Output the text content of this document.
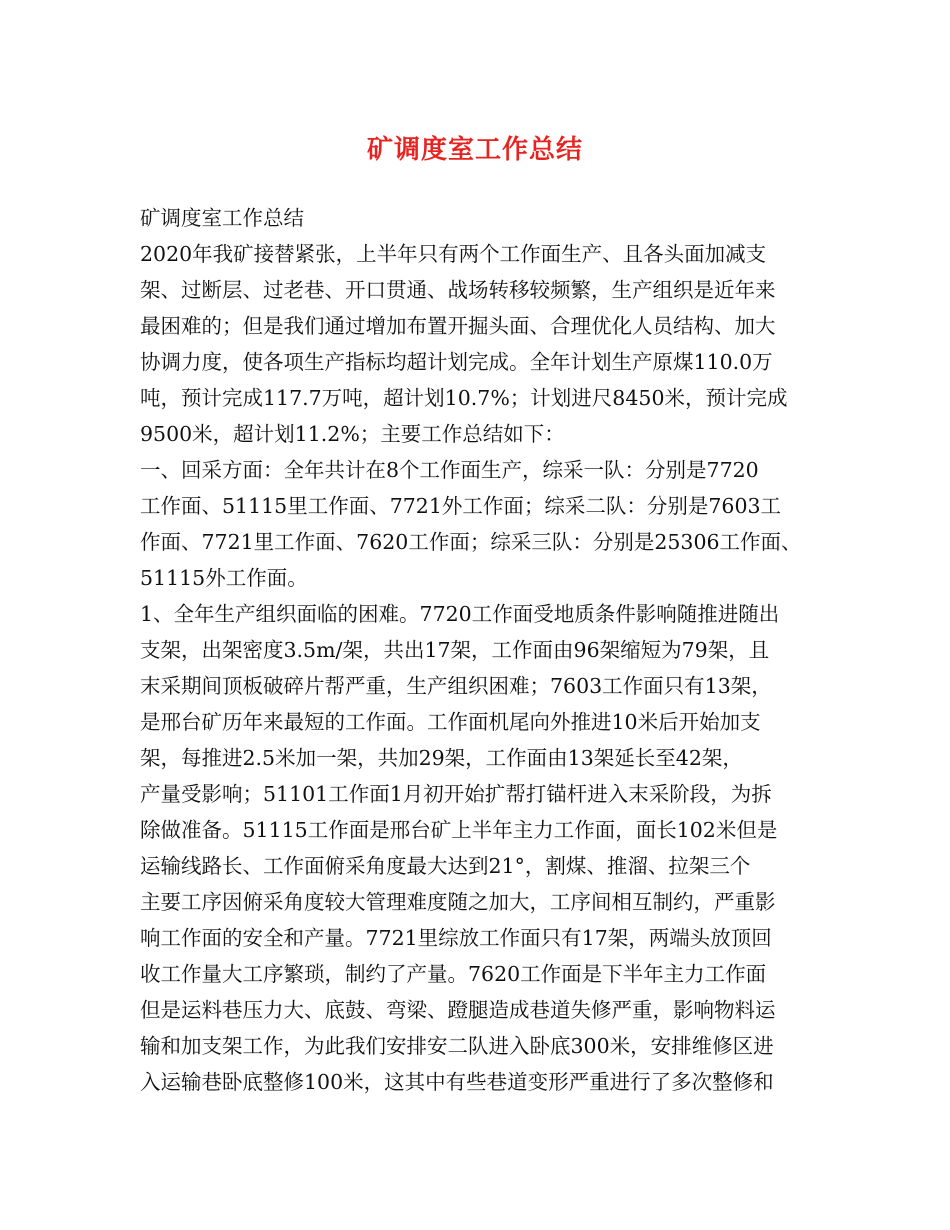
矿调度室工作总结
矿调度室工作总结
2020年我矿接替紧张，上半年只有两个工作面生产、且各头面加减支
架、过断层、过老巷、开口贯通、战场转移较频繁，生产组织是近年来
最困难的；但是我们通过增加布置开掘头面、合理优化人员结构、加大
协调力度，使各项生产指标均超计划完成。全年计划生产原煤110.0万
吨，预计完成117.7万吨，超计划10.7%；计划进尺8450米，预计完成
9500米，超计划11.2%；主要工作总结如下：
一、回采方面：全年共计在8个工作面生产，综采一队：分别是7720
工作面、51115里工作面、7721外工作面；综采二队：分别是7603工
作面、7721里工作面、7620工作面；综采三队：分别是25306工作面、
51115外工作面。
1、全年生产组织面临的困难。7720工作面受地质条件影响随推进随出
支架，出架密度3.5m/架，共出17架，工作面由96架缩短为79架，且
末采期间顶板破碎片帮严重，生产组织困难；7603工作面只有13架，
是邢台矿历年来最短的工作面。工作面机尾向外推进10米后开始加支
架，每推进2.5米加一架，共加29架，工作面由13架延长至42架，
产量受影响；51101工作面1月初开始扩帮打锚杆进入末采阶段，为拆
除做准备。51115工作面是邢台矿上半年主力工作面，面长102米但是
运输线路长、工作面俯采角度最大达到21°，割煤、推溜、拉架三个
主要工序因俯采角度较大管理难度随之加大，工序间相互制约，严重影
响工作面的安全和产量。7721里综放工作面只有17架，两端头放顶回
收工作量大工序繁琐，制约了产量。7620工作面是下半年主力工作面
但是运料巷压力大、底鼓、弯梁、蹬腿造成巷道失修严重，影响物料运
输和加支架工作，为此我们安排安二队进入卧底300米，安排维修区进
入运输巷卧底整修100米，这其中有些巷道变形严重进行了多次整修和
